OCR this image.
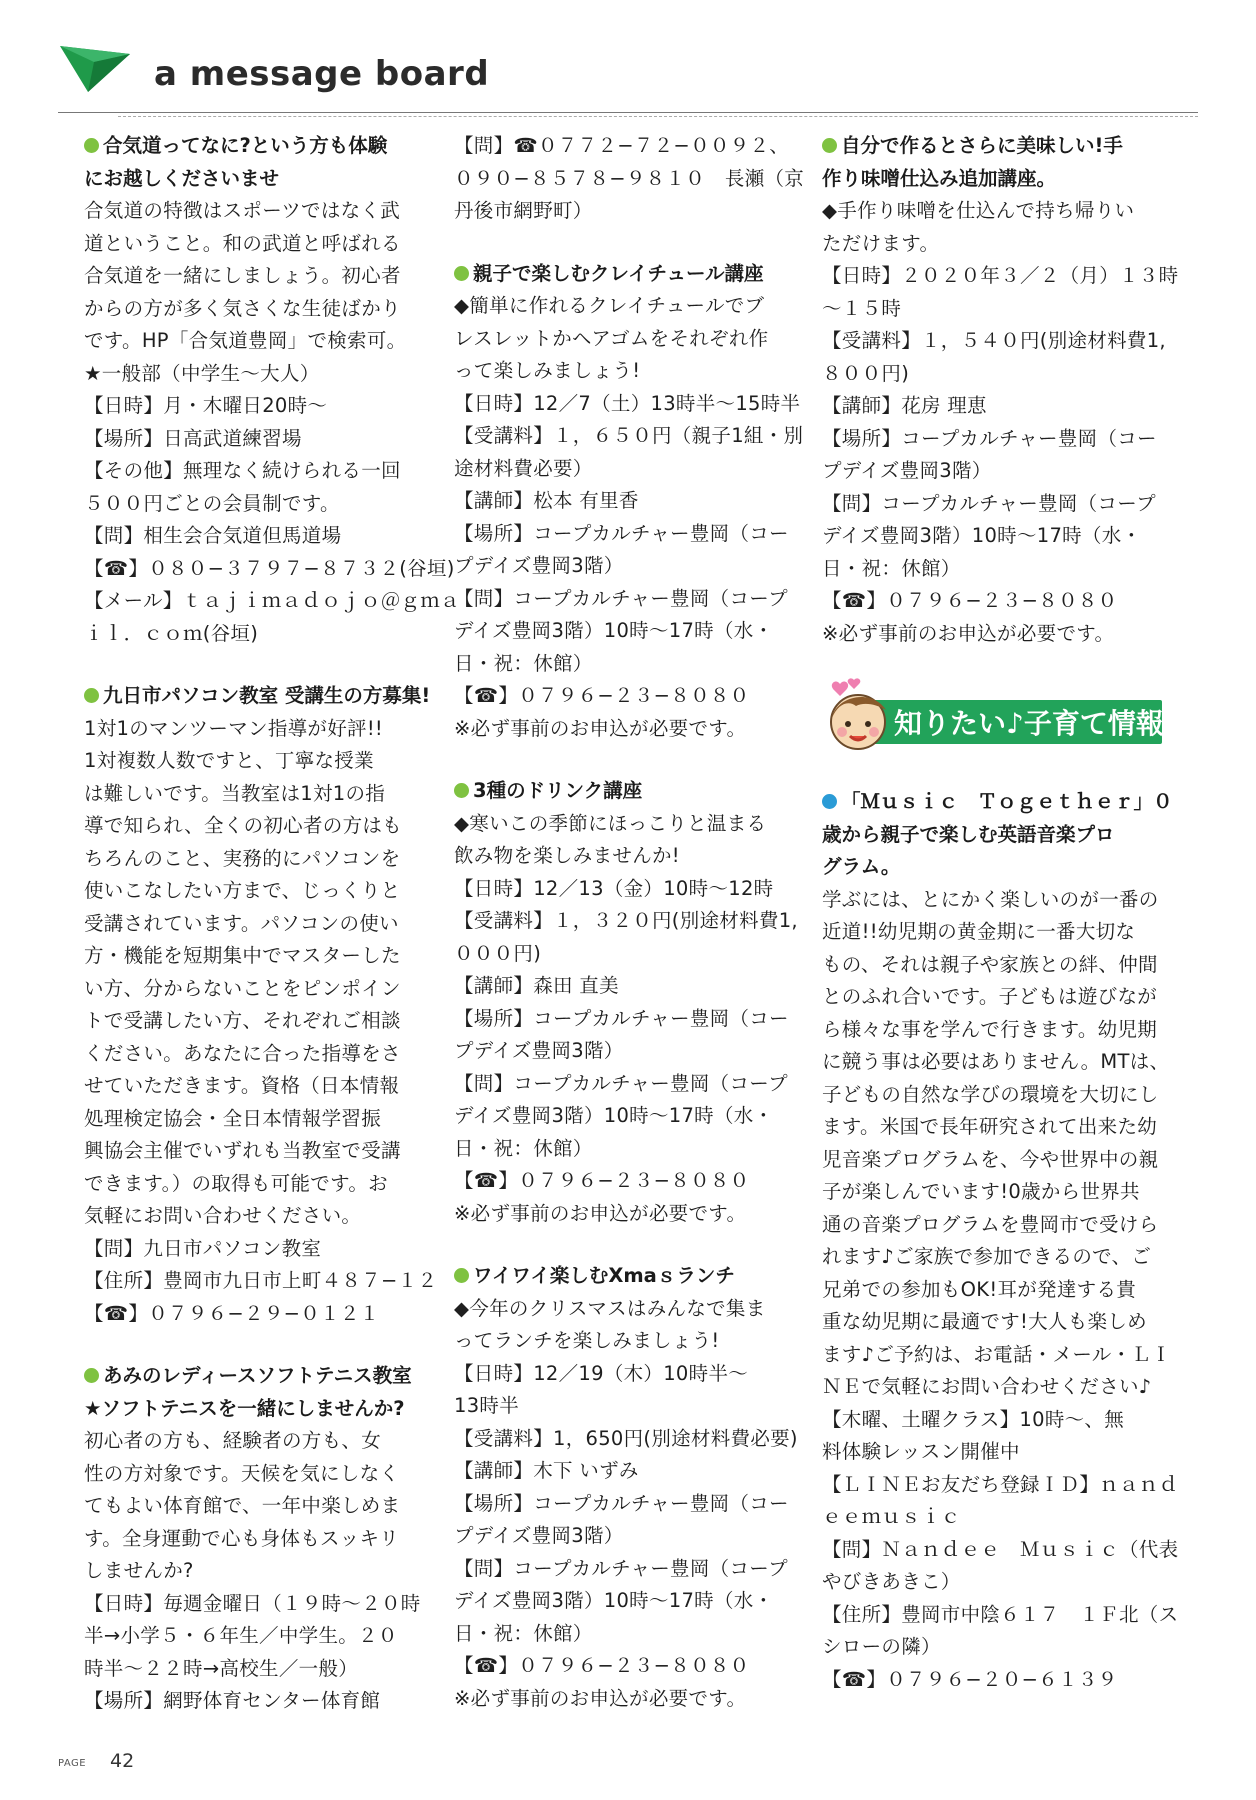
a message board
合気道ってなに?という方も体験
にお越しくださいませ
合気道の特徴はスポーツではなく武
道ということ。和の武道と呼ばれる
合気道を一緒にしましょう。初心者
からの方が多く気さくな生徒ばかり
です。HP「合気道豊岡」で検索可。
★一般部（中学生〜大人）
【日時】月・木曜日20時〜
【場所】日高武道練習場
【その他】無理なく続けられる一回
５００円ごとの会員制です。
【問】相生会合気道但馬道場
【☎】０８０−３７９７−８７３２(谷垣)
【メール】ｔａｊｉｍａｄｏｊｏ＠ｇｍａ
ｉｌ．ｃｏｍ(谷垣)
九日市パソコン教室 受講生の方募集!
1対1のマンツーマン指導が好評!!
1対複数人数ですと、丁寧な授業
は難しいです。当教室は1対1の指
導で知られ、全くの初心者の方はも
ちろんのこと、実務的にパソコンを
使いこなしたい方まで、じっくりと
受講されています。パソコンの使い
方・機能を短期集中でマスターした
い方、分からないことをピンポイン
トで受講したい方、それぞれご相談
ください。あなたに合った指導をさ
せていただきます。資格（日本情報
処理検定協会・全日本情報学習振
興協会主催でいずれも当教室で受講
できます。）の取得も可能です。お
気軽にお問い合わせください。
【問】九日市パソコン教室
【住所】豊岡市九日市上町４８７−１２
【☎】０７９６−２９−０１２１
あみのレディースソフトテニス教室
★ソフトテニスを一緒にしませんか?
初心者の方も、経験者の方も、女
性の方対象です。天候を気にしなく
てもよい体育館で、一年中楽しめま
す。全身運動で心も身体もスッキリ
しませんか?
【日時】毎週金曜日（１９時〜２０時
半→小学５・６年生／中学生。２０
時半〜２２時→高校生／一般）
【場所】網野体育センター体育館
【問】☎０７７２−７２−００９２、
０９０−８５７８−９８１０　長瀬（京
丹後市網野町）
親子で楽しむクレイチュール講座
◆簡単に作れるクレイチュールでブ
レスレットかヘアゴムをそれぞれ作
って楽しみましょう!
【日時】12／7（土）13時半〜15時半
【受講料】１，６５０円（親子1組・別
途材料費必要）
【講師】松本 有里香
【場所】コープカルチャー豊岡（コー
プデイズ豊岡3階）
【問】コープカルチャー豊岡（コープ
デイズ豊岡3階）10時〜17時（水・
日・祝：休館）
【☎】０７９６−２３−８０８０
※必ず事前のお申込が必要です。
3種のドリンク講座
◆寒いこの季節にほっこりと温まる
飲み物を楽しみませんか!
【日時】12／13（金）10時〜12時
【受講料】１，３２０円(別途材料費1,
０００円)
【講師】森田 直美
【場所】コープカルチャー豊岡（コー
プデイズ豊岡3階）
【問】コープカルチャー豊岡（コープ
デイズ豊岡3階）10時〜17時（水・
日・祝：休館）
【☎】０７９６−２３−８０８０
※必ず事前のお申込が必要です。
ワイワイ楽しむXmaｓランチ
◆今年のクリスマスはみんなで集ま
ってランチを楽しみましょう!
【日時】12／19（木）10時半〜
13時半
【受講料】1，650円(別途材料費必要)
【講師】木下 いずみ
【場所】コープカルチャー豊岡（コー
プデイズ豊岡3階）
【問】コープカルチャー豊岡（コープ
デイズ豊岡3階）10時〜17時（水・
日・祝：休館）
【☎】０７９６−２３−８０８０
※必ず事前のお申込が必要です。
自分で作るとさらに美味しい!手
作り味噌仕込み追加講座。
◆手作り味噌を仕込んで持ち帰りい
ただけます。
【日時】２０２０年３／２（月）１３時
〜１５時
【受講料】１，５４０円(別途材料費1,
８００円)
【講師】花房 理恵
【場所】コープカルチャー豊岡（コー
プデイズ豊岡3階）
【問】コープカルチャー豊岡（コープ
デイズ豊岡3階）10時〜17時（水・
日・祝：休館）
【☎】０７９６−２３−８０８０
※必ず事前のお申込が必要です。
知りたい♪子育て情報
「Ｍｕｓｉｃ　Ｔｏｇｅｔｈｅｒ」０
歳から親子で楽しむ英語音楽プロ
グラム。
学ぶには、とにかく楽しいのが一番の
近道!!幼児期の黄金期に一番大切な
もの、それは親子や家族との絆、仲間
とのふれ合いです。子どもは遊びなが
ら様々な事を学んで行きます。幼児期
に競う事は必要はありません。MTは、
子どもの自然な学びの環境を大切にし
ます。米国で長年研究されて出来た幼
児音楽プログラムを、今や世界中の親
子が楽しんでいます!0歳から世界共
通の音楽プログラムを豊岡市で受けら
れます♪ご家族で参加できるので、ご
兄弟での参加もOK!耳が発達する貴
重な幼児期に最適です!大人も楽しめ
ます♪ご予約は、お電話・メール・ＬＩ
ＮＥで気軽にお問い合わせください♪
【木曜、土曜クラス】10時〜、無
料体験レッスン開催中
【ＬＩＮＥお友だち登録ＩＤ】ｎａｎｄ
ｅｅｍｕｓｉｃ
【問】Ｎａｎｄｅｅ　Ｍｕｓｉｃ（代表
やびきあきこ）
【住所】豊岡市中陰６１７　１Ｆ北（ス
シローの隣）
【☎】０７９６−２０−６１３９
PAGE 42
